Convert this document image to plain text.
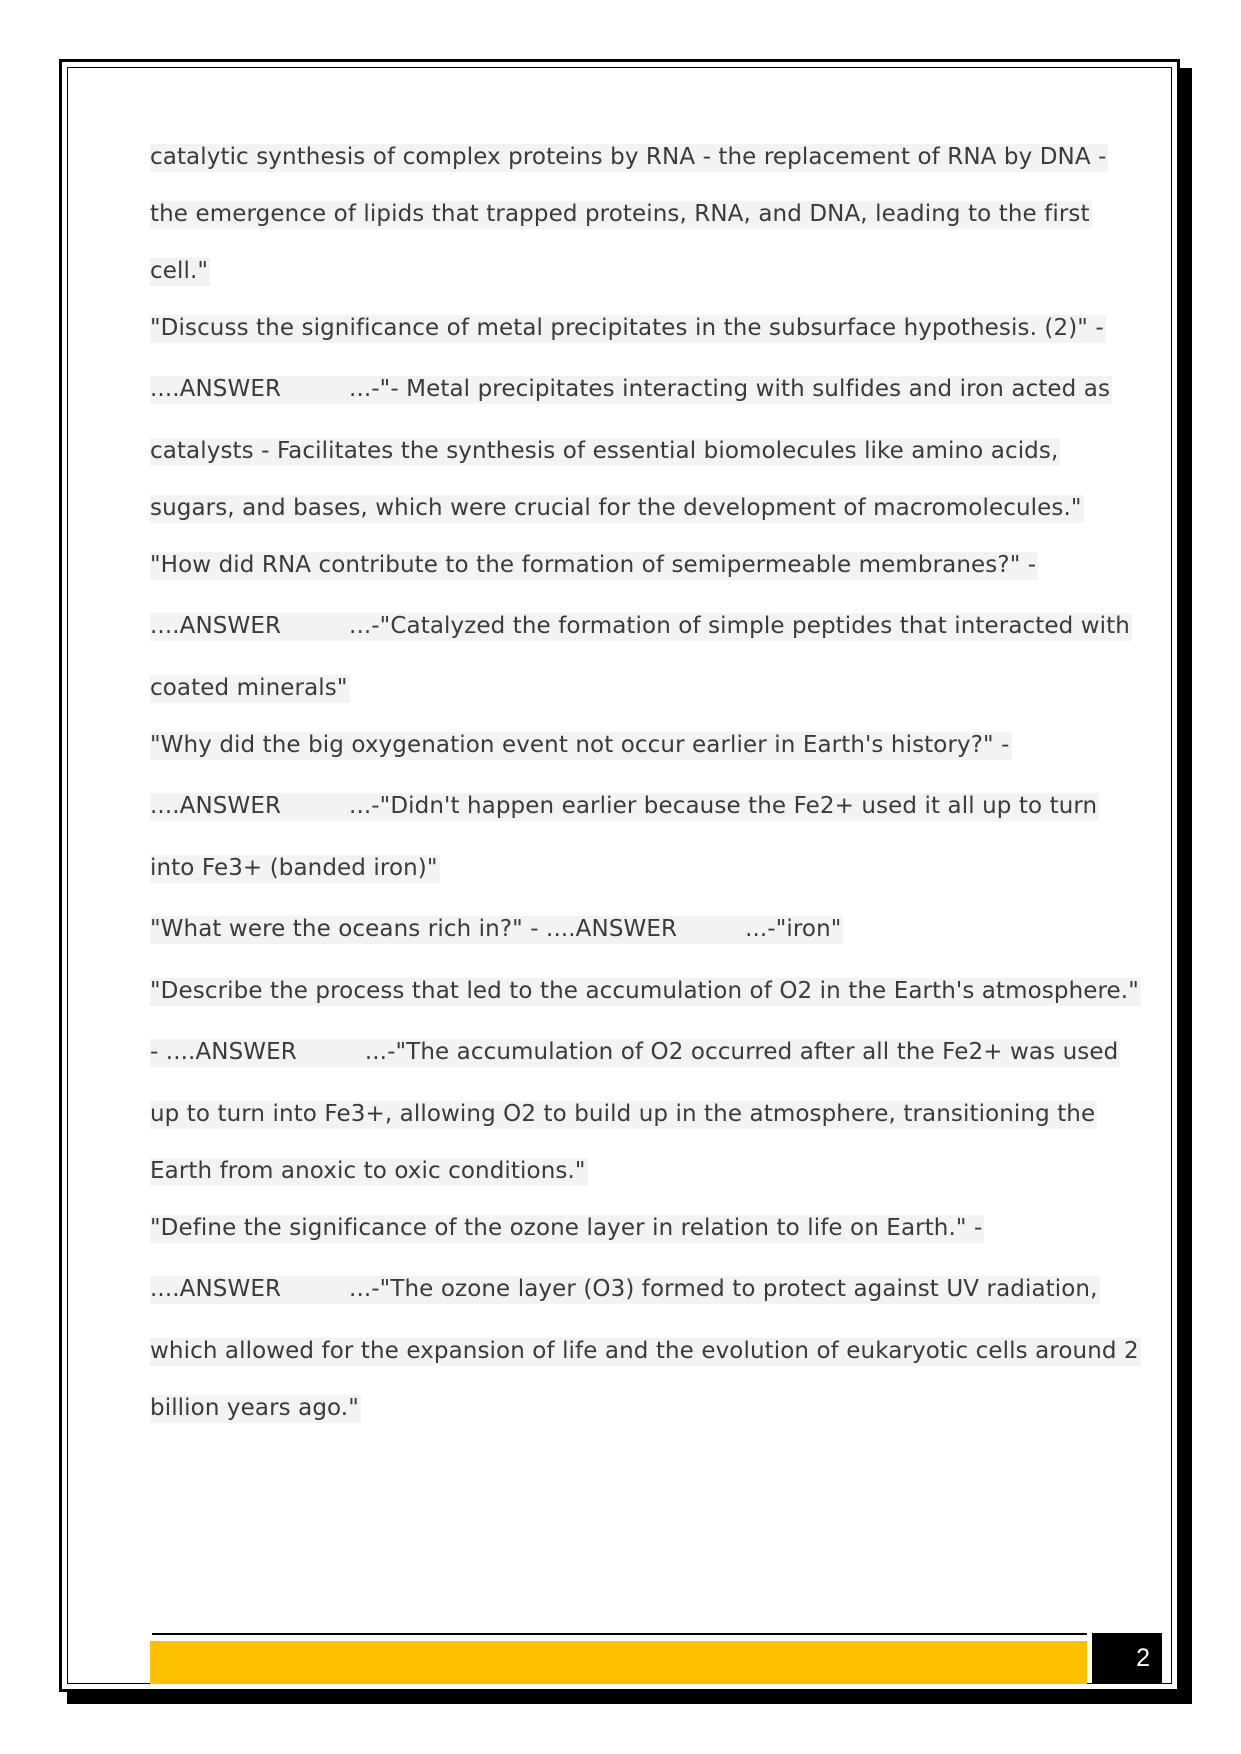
catalytic synthesis of complex proteins by RNA - the replacement of RNA by DNA -
the emergence of lipids that trapped proteins, RNA, and DNA, leading to the first
cell."
"Discuss the significance of metal precipitates in the subsurface hypothesis. (2)" -
....ANSWER	...-"- Metal precipitates interacting with sulfides and iron acted as
catalysts - Facilitates the synthesis of essential biomolecules like amino acids,
sugars, and bases, which were crucial for the development of macromolecules."
"How did RNA contribute to the formation of semipermeable membranes?" -
....ANSWER	...-"Catalyzed the formation of simple peptides that interacted with
coated minerals"
"Why did the big oxygenation event not occur earlier in Earth's history?" -
....ANSWER	...-"Didn't happen earlier because the Fe2+ used it all up to turn
into Fe3+ (banded iron)"
"What were the oceans rich in?" - ....ANSWER	...-"iron"
"Describe the process that led to the accumulation of O2 in the Earth's atmosphere."
- ....ANSWER	...-"The accumulation of O2 occurred after all the Fe2+ was used
up to turn into Fe3+, allowing O2 to build up in the atmosphere, transitioning the
Earth from anoxic to oxic conditions."
"Define the significance of the ozone layer in relation to life on Earth." -
....ANSWER	...-"The ozone layer (O3) formed to protect against UV radiation,
which allowed for the expansion of life and the evolution of eukaryotic cells around 2
billion years ago."
2
